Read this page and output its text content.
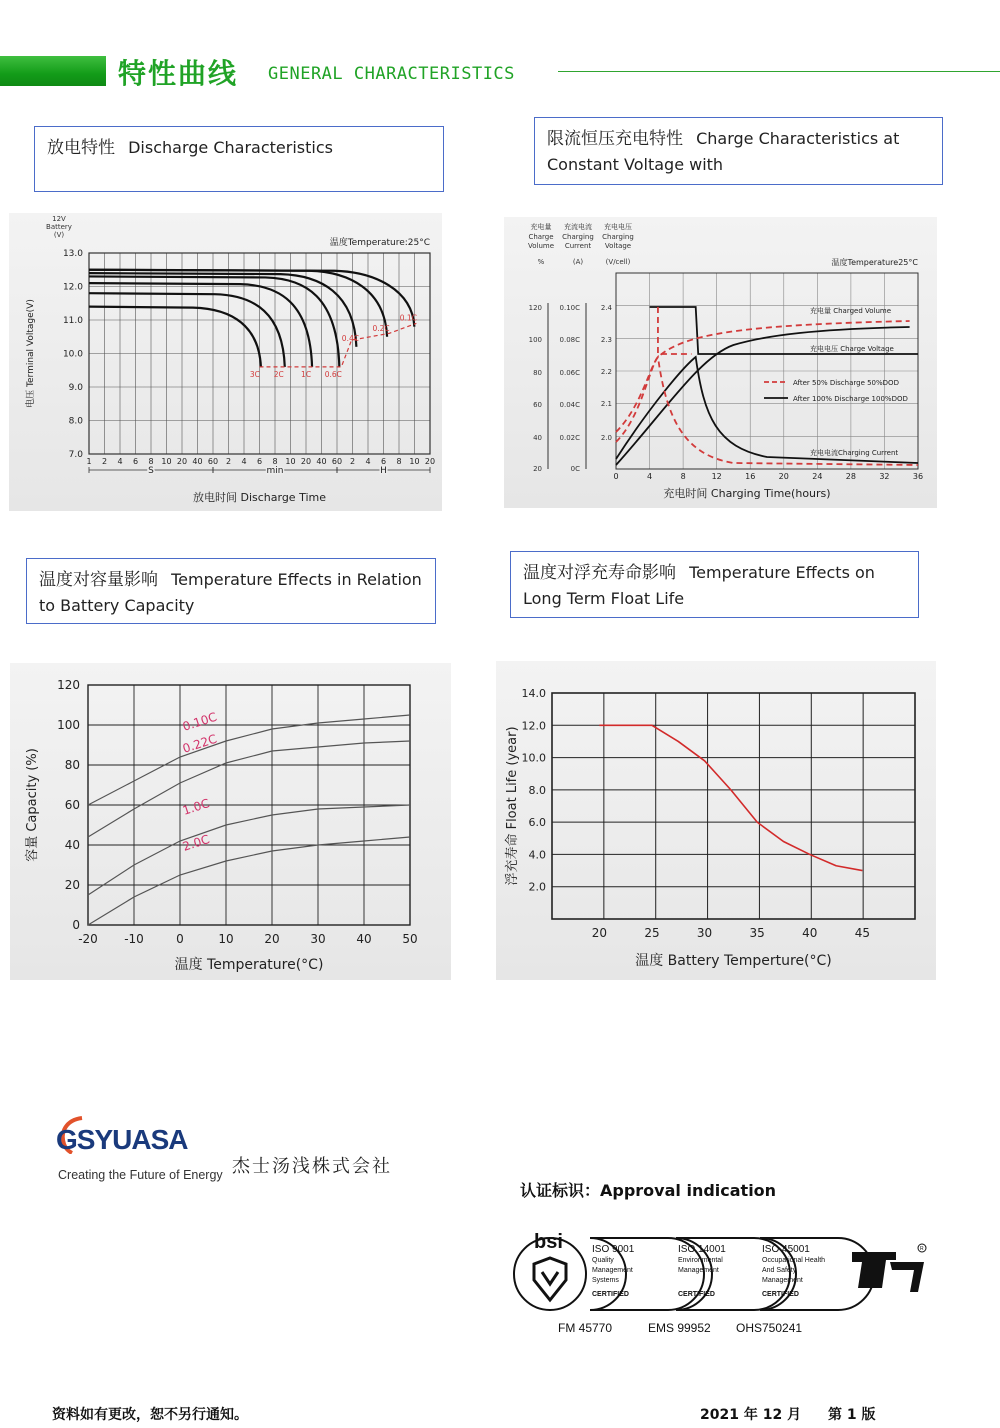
特性曲线 GENERAL CHARACTERISTICS
放电特性 Discharge Characteristics	限流恒压充电特性 Charge Characteristics at Constant Voltage with
温度对容量影响 Temperature Effects in Relation to Battery Capacity
温度对浮充寿命影响 Temperature Effects on Long Term Float Life
13.0
12.0
11.0
10.0
9.0
8.0
7.0
1 2 4 6 8 10 20 40 60 2 4 6 8 10 20 40 60 2 4 6 8 10 20
S	min	H
12V
Battery
(V)
电压 Terminal Voltage(V)
放电时间 Discharge Time
温度Temperature:25°C
3C 2C 1C 0.6C
0.4C
0.2C
0.1C
0	4	8	12	16	20	24	28	32	36
充电时间 Charging Time(hours)
充电量
Charge
Volume
%
充流电流
Charging
Current
(A)
充电电压
Charging
Voltage
(V/cell)
120
100
80
60
40
20
0.10C
0.08C
0.06C
0.04C
0.02C
0C
2.4
2.3
2.2
2.1
2.0
温度Temperature25°C
充电量 Charged Volume
充电电压 Charge Voltage
充电电流Charging Current
After 50% Discharge 50%DOD
After 100% Discharge 100%DOD
-20 -10	0	10	20	30	40	50
120
100
80
60
40
20
0
温度 Temperature(°C)
容量 Capacity (%)
0.10C
0.22C
1.0C
2.0C
14.0
12.0
10.0
8.0
6.0
4.0
2.0
20	25	30	35	40	45
温度 Battery Temperture(°C)
浮充寿命 Float Life (year)
GSYUASA
Creating the Future of Energy 杰士汤浅株式会社
认证标识：Approval indication
bsi	ISO 9001
Quality
Management
Systems
CERTIFIED
FM 45770
ISO 14001
Environmental
Management
CERTIFIED
EMS 99952
ISO 45001
Occupational Health
And Safety
Management
CERTIFIED
OHS750241
R
资料如有更改，恕不另行通知。	2021 年 12 月 第 1 版
